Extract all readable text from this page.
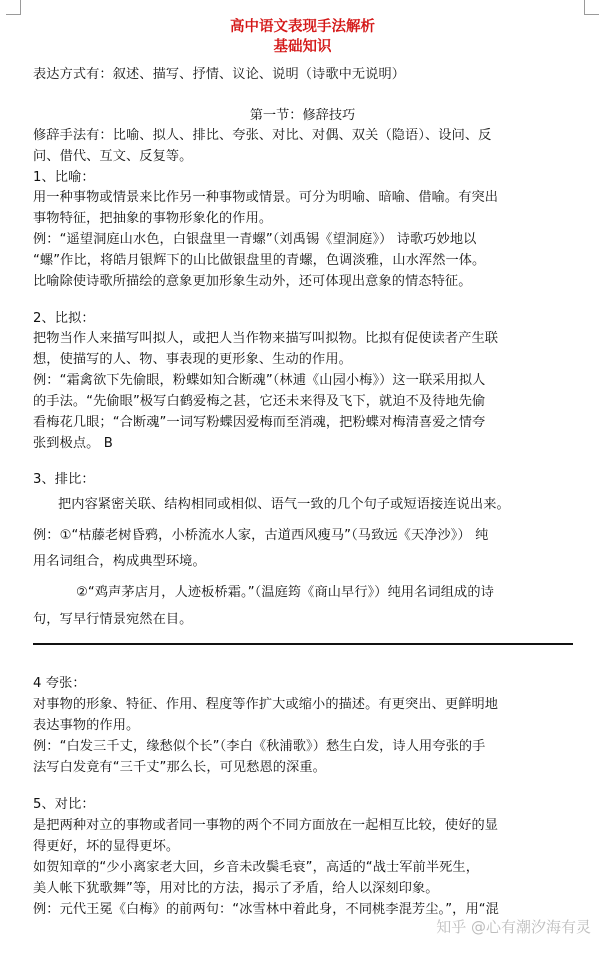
高中语文表现手法解析
基础知识
表达方式有：叙述、描写、抒情、议论、说明（诗歌中无说明）
第一节：修辞技巧
修辞手法有：比喻、拟人、排比、夸张、对比、对偶、双关（隐语）、设问、反
问、借代、互文、反复等。
1、比喻：
用一种事物或情景来比作另一种事物或情景。可分为明喻、暗喻、借喻。有突出
事物特征，把抽象的事物形象化的作用。
例：“遥望洞庭山水色，白银盘里一青螺”（刘禹锡《望洞庭》） 诗歌巧妙地以
“螺”作比，将皓月银辉下的山比做银盘里的青螺，色调淡雅，山水浑然一体。
比喻除使诗歌所描绘的意象更加形象生动外，还可体现出意象的情态特征。
2、比拟：
把物当作人来描写叫拟人，或把人当作物来描写叫拟物。比拟有促使读者产生联
想，使描写的人、物、事表现的更形象、生动的作用。
例：“霜禽欲下先偷眼，粉蝶如知合断魂”（林逋《山园小梅》）这一联采用拟人
的手法。“先偷眼”极写白鹤爱梅之甚，它还未来得及飞下，就迫不及待地先偷
看梅花几眼；“合断魂”一词写粉蝶因爱梅而至消魂，把粉蝶对梅清喜爱之情夸
张到极点。 B
3、排比：
把内容紧密关联、结构相同或相似、语气一致的几个句子或短语接连说出来。
例：①“枯藤老树昏鸦，小桥流水人家，古道西风瘦马”（马致远《天净沙》） 纯
用名词组合，构成典型环境。
②“鸡声茅店月，人迹板桥霜。”（温庭筠《商山早行》）纯用名词组成的诗
句，写早行情景宛然在目。
4 夸张：
对事物的形象、特征、作用、程度等作扩大或缩小的描述。有更突出、更鲜明地
表达事物的作用。
例：“白发三千丈，缘愁似个长”（李白《秋浦歌》）愁生白发，诗人用夸张的手
法写白发竟有“三千丈”那么长，可见愁恩的深重。
5、对比：
是把两种对立的事物或者同一事物的两个不同方面放在一起相互比较，使好的显
得更好，坏的显得更坏。
如贺知章的“少小离家老大回，乡音未改鬓毛衰”，高适的“战士军前半死生，
美人帐下犹歌舞”等，用对比的方法，揭示了矛盾，给人以深刻印象。
例：元代王冕《白梅》的前两句：“冰雪林中着此身，不同桃李混芳尘。”，用“混
知乎 @心有潮汐海有灵
